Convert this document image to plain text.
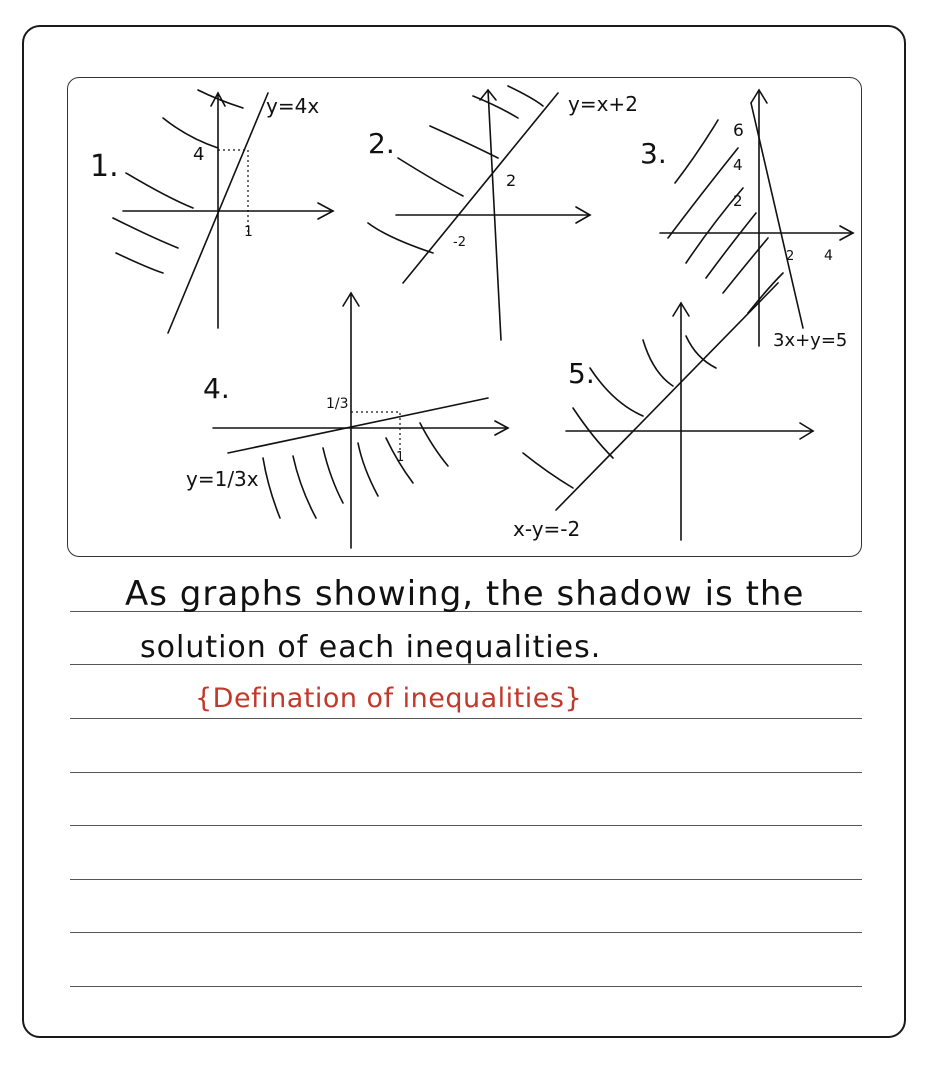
1.	4
1
y=4x
2.
2
-2
y=x+2
3.
6
4
2
2 4
3x+y=5
4.	1/3
1
y=1/3x
5.
x-y=-2
As graphs showing, the shadow is the
solution of each inequalities.
{Defination of inequalities}
